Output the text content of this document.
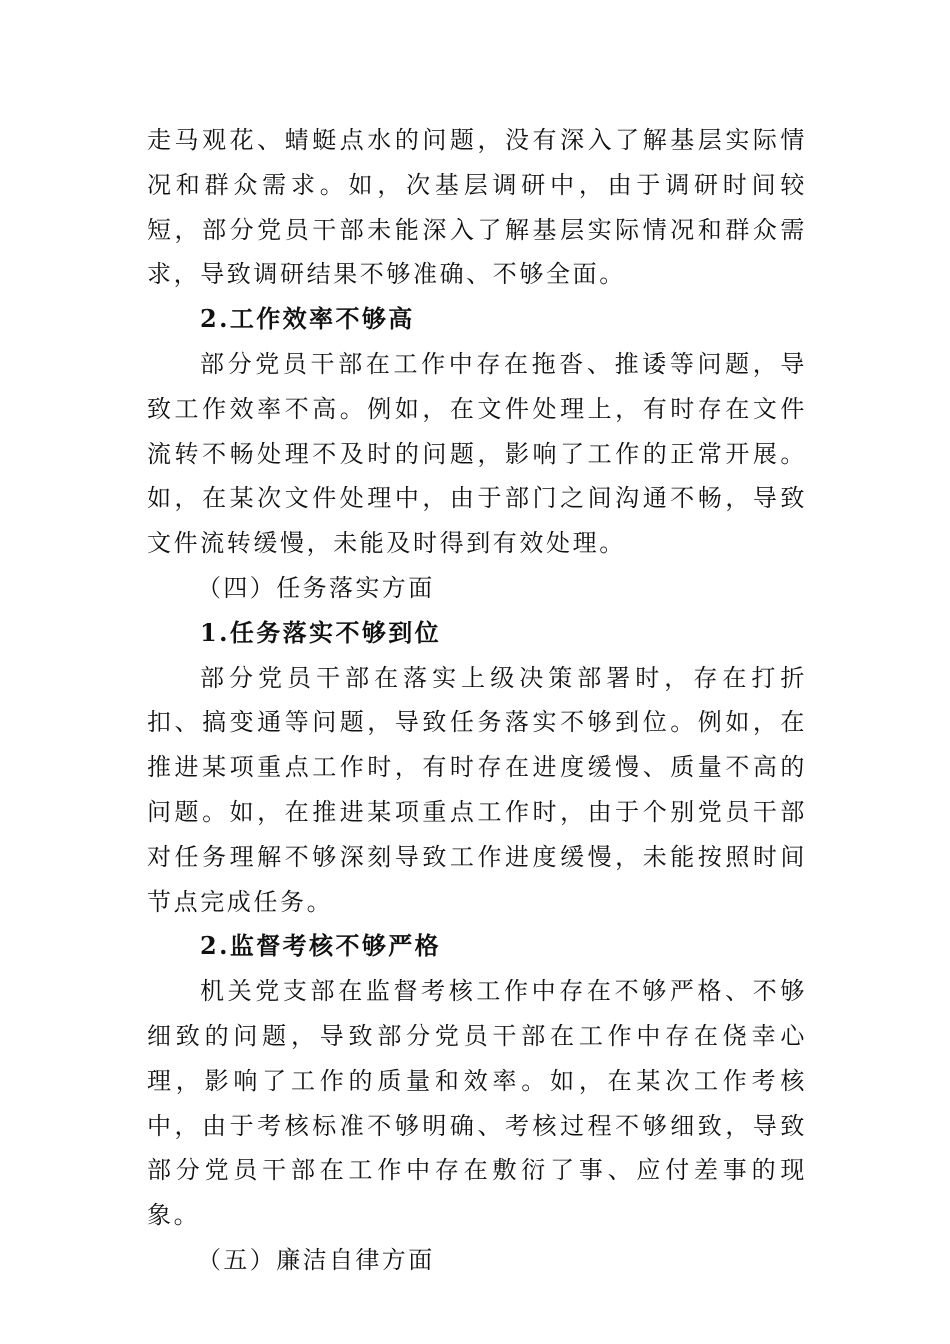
走马观花、蜻蜓点水的问题，没有深入了解基层实际情况和群众需求。如，次基层调研中，由于调研时间较短，部分党员干部未能深入了解基层实际情况和群众需求，导致调研结果不够准确、不够全面。

2.工作效率不够高

部分党员干部在工作中存在拖沓、推诿等问题，导致工作效率不高。例如，在文件处理上，有时存在文件流转不畅处理不及时的问题，影响了工作的正常开展。如，在某次文件处理中，由于部门之间沟通不畅，导致文件流转缓慢，未能及时得到有效处理。

（四）任务落实方面

1.任务落实不够到位

部分党员干部在落实上级决策部署时，存在打折扣、搞变通等问题，导致任务落实不够到位。例如，在推进某项重点工作时，有时存在进度缓慢、质量不高的问题。如，在推进某项重点工作时，由于个别党员干部对任务理解不够深刻导致工作进度缓慢，未能按照时间节点完成任务。

2.监督考核不够严格

机关党支部在监督考核工作中存在不够严格、不够细致的问题，导致部分党员干部在工作中存在侥幸心理，影响了工作的质量和效率。如，在某次工作考核中，由于考核标准不够明确、考核过程不够细致，导致部分党员干部在工作中存在敷衍了事、应付差事的现象。

（五）廉洁自律方面
